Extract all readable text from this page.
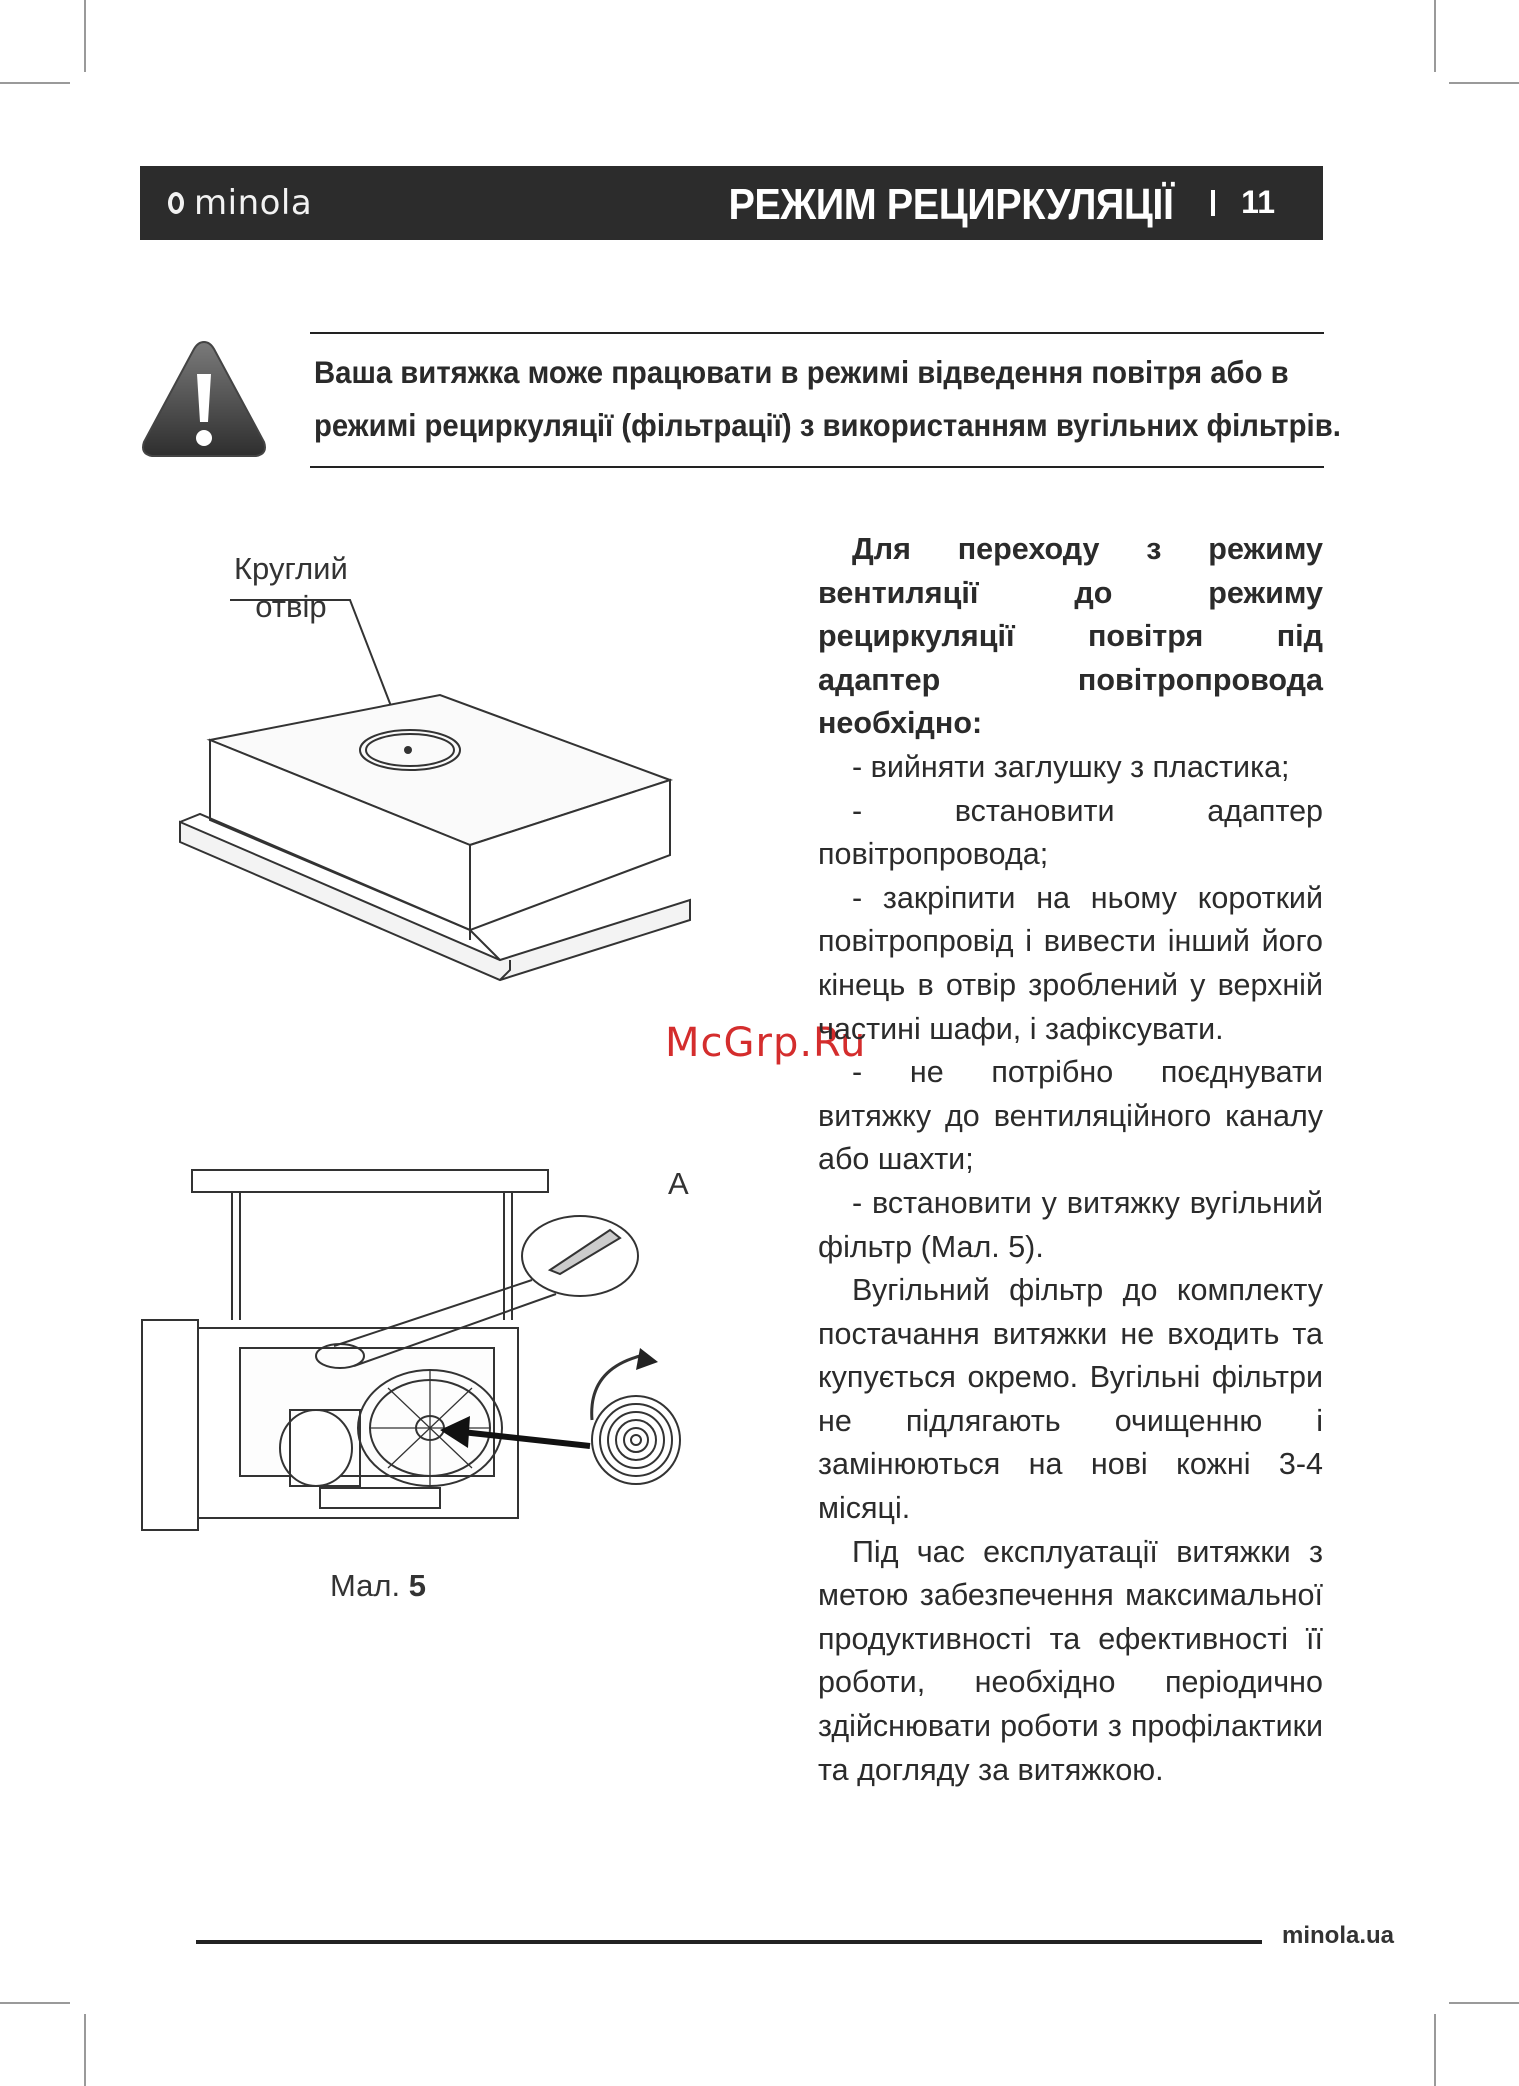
minola	РЕЖИМ РЕЦИРКУЛЯЦІЇ 11
Ваша витяжка може працювати в режимі відведення повітря або в
режимі рециркуляції (фільтрації) з використанням вугільних фільтрів.
Круглий
отвір
McGrp.Ru
A
Мал. 5

Для переходу з режиму вентиляції до режиму рециркуляції повітря під адаптер повітропровода необхідно:

- вийняти заглушку з пластика;

- встановити адаптер повітропровода;

- закріпити на ньому короткий повітропровід і вивести інший його кінець в отвір зроблений у верхній частині шафи, і зафіксувати.

- не потрібно поєднувати витяжку до вентиляційного каналу або шахти;

- встановити у витяжку вугільний фільтр (Мал. 5).

Вугільний фільтр до комплекту постачання витяжки не входить та купується окремо. Вугільні фільтри не підлягають очищенню і замінюються на нові кожні 3-4 місяці.

Під час експлуатації витяжки з метою забезпечення максимальної продуктивності та ефективності її роботи, необхідно періодично здійснювати роботи з профілактики та догляду за витяжкою.

minola.ua
